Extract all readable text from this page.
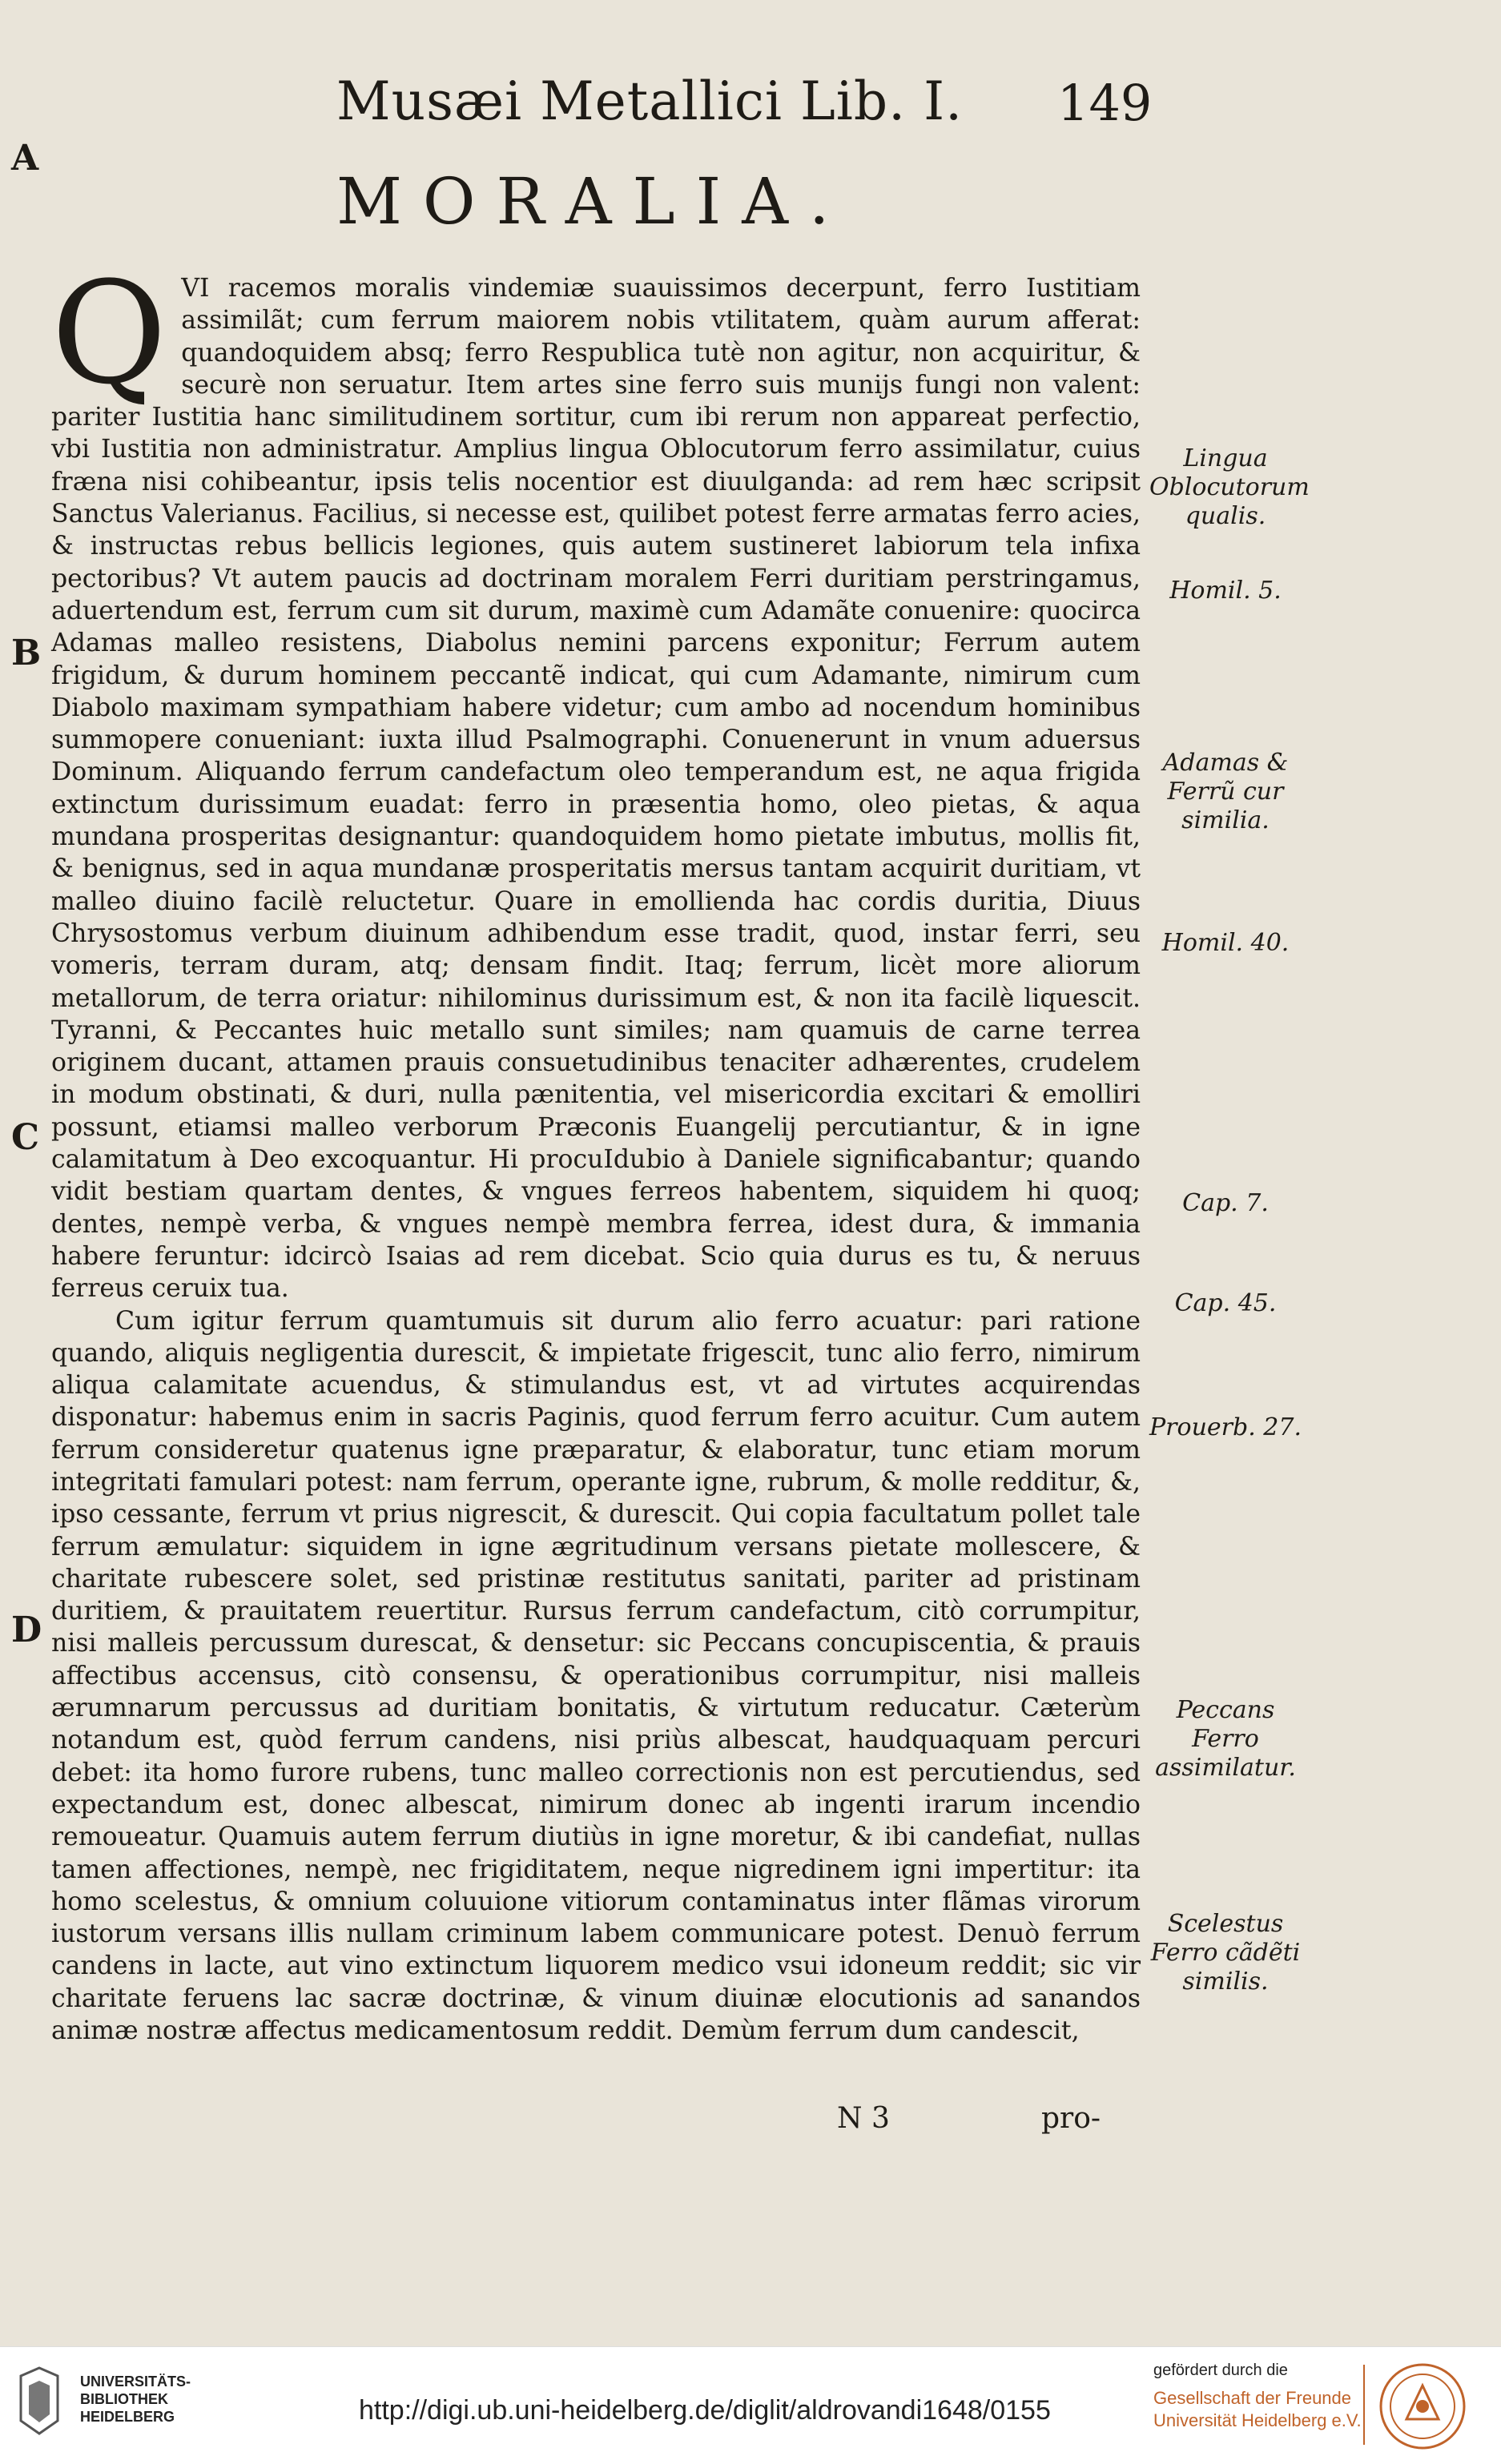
Musæi Metallici Lib. I. 149
MORALIA.
A
B
C
D

QVI racemos moralis vindemiæ suauissimos decerpunt, ferro Iustitiam assimilãt; cum ferrum maiorem nobis vtilitatem, quàm aurum afferat: quandoquidem absq; ferro Respublica tutè non agitur, non acquiritur, & securè non seruatur. Item artes sine ferro suis munijs fungi non valent: pariter Iustitia hanc similitudinem sortitur, cum ibi rerum non appareat perfectio, vbi Iustitia non administratur. Amplius lingua Oblocutorum ferro assimilatur, cuius fræna nisi cohibeantur, ipsis telis nocentior est diuulganda: ad rem hæc scripsit Sanctus Valerianus. Facilius, si necesse est, quilibet potest ferre armatas ferro acies, & instructas rebus bellicis legiones, quis autem sustineret labiorum tela infixa pectoribus? Vt autem paucis ad doctrinam moralem Ferri duritiam perstringamus, aduertendum est, ferrum cum sit durum, maximè cum Adamãte conuenire: quocirca Adamas malleo resistens, Diabolus nemini parcens exponitur; Ferrum autem frigidum, & durum hominem peccantẽ indicat, qui cum Adamante, nimirum cum Diabolo maximam sympathiam habere videtur; cum ambo ad nocendum hominibus summopere conueniant: iuxta illud Psalmographi. Conuenerunt in vnum aduersus Dominum. Aliquando ferrum candefactum oleo temperandum est, ne aqua frigida extinctum durissimum euadat: ferro in præsentia homo, oleo pietas, & aqua mundana prosperitas designantur: quandoquidem homo pietate imbutus, mollis fit, & benignus, sed in aqua mundanæ prosperitatis mersus tantam acquirit duritiam, vt malleo diuino facilè reluctetur. Quare in emollienda hac cordis duritia, Diuus Chrysostomus verbum diuinum adhibendum esse tradit, quod, instar ferri, seu vomeris, terram duram, atq; densam findit. Itaq; ferrum, licèt more aliorum metallorum, de terra oriatur: nihilominus durissimum est, & non ita facilè liquescit. Tyranni, & Peccantes huic metallo sunt similes; nam quamuis de carne terrea originem ducant, attamen prauis consuetudinibus tenaciter adhærentes, crudelem in modum obstinati, & duri, nulla pænitentia, vel misericordia excitari & emolliri possunt, etiamsi malleo verborum Præconis Euangelij percutiantur, & in igne calamitatum à Deo excoquantur. Hi procuIdubio à Daniele significabantur; quando vidit bestiam quartam dentes, & vngues ferreos habentem, siquidem hi quoq; dentes, nempè verba, & vngues nempè membra ferrea, idest dura, & immania habere feruntur: idcircò Isaias ad rem dicebat. Scio quia durus es tu, & neruus ferreus ceruix tua.

Cum igitur ferrum quamtumuis sit durum alio ferro acuatur: pari ratione quando, aliquis negligentia durescit, & impietate frigescit, tunc alio ferro, nimirum aliqua calamitate acuendus, & stimulandus est, vt ad virtutes acquirendas disponatur: habemus enim in sacris Paginis, quod ferrum ferro acuitur. Cum autem ferrum consideretur quatenus igne præparatur, & elaboratur, tunc etiam morum integritati famulari potest: nam ferrum, operante igne, rubrum, & molle redditur, &, ipso cessante, ferrum vt prius nigrescit, & durescit. Qui copia facultatum pollet tale ferrum æmulatur: siquidem in igne ægritudinum versans pietate mollescere, & charitate rubescere solet, sed pristinæ restitutus sanitati, pariter ad pristinam duritiem, & prauitatem reuertitur. Rursus ferrum candefactum, citò corrumpitur, nisi malleis percussum durescat, & densetur: sic Peccans concupiscentia, & prauis affectibus accensus, citò consensu, & operationibus corrumpitur, nisi malleis ærumnarum percussus ad duritiam bonitatis, & virtutum reducatur. Cæterùm notandum est, quòd ferrum candens, nisi priùs albescat, haudquaquam percuri debet: ita homo furore rubens, tunc malleo correctionis non est percutiendus, sed expectandum est, donec albescat, nimirum donec ab ingenti irarum incendio remoueatur. Quamuis autem ferrum diutiùs in igne moretur, & ibi candefiat, nullas tamen affectiones, nempè, nec frigiditatem, neque nigredinem igni impertitur: ita homo scelestus, & omnium coluuione vitiorum contaminatus inter flãmas virorum iustorum versans illis nullam criminum labem communicare potest. Denuò ferrum candens in lacte, aut vino extinctum liquorem medico vsui idoneum reddit; sic vir charitate feruens lac sacræ doctrinæ, & vinum diuinæ elocutionis ad sanandos animæ nostræ affectus medicamentosum reddit. Demùm ferrum dum candescit,

Lingua Oblocutorum qualis.
Homil. 5.
Adamas & Ferrũ cur similia.
Homil. 40.
Cap. 7.
Cap. 45.
Prouerb. 27.
Peccans Ferro assimilatur.
Scelestus Ferro cãdẽti similis.
N 3	pro-
UNIVERSITÄTS-
BIBLIOTHEK
HEIDELBERG	http://digi.ub.uni-heidelberg.de/diglit/aldrovandi1648/0155
gefördert durch die
Gesellschaft der Freunde
Universität Heidelberg e.V.
